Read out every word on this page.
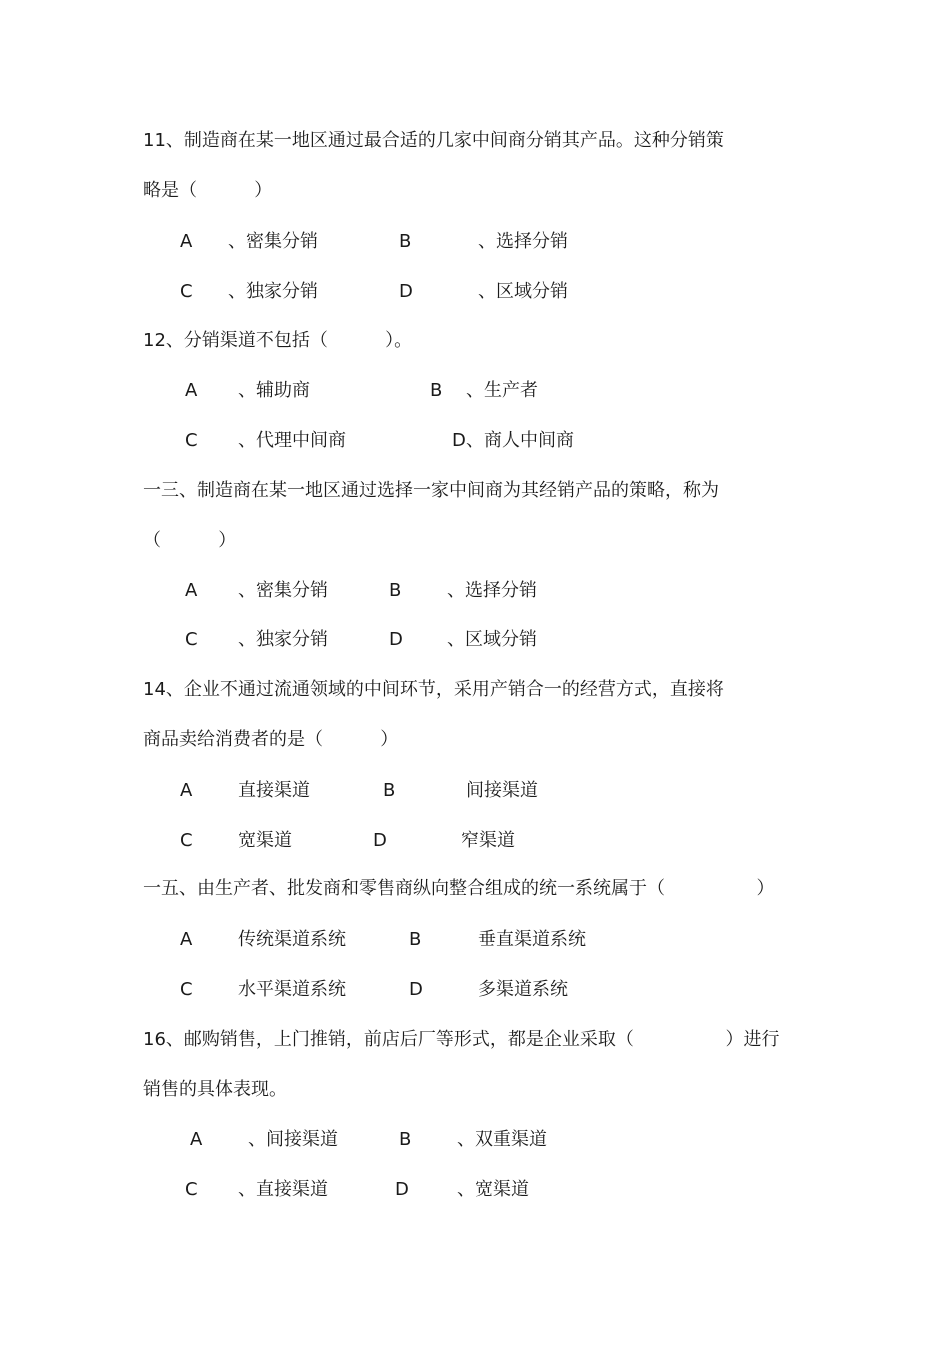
11、制造商在某一地区通过最合适的几家中间商分销其产品。这种分销策
略是（          ）
A 、密集分销	B	、选择分销
C 、独家分销	D	、区域分销
12、分销渠道不包括（          ）。
A 、辅助商	B 、生产者
C 、代理中间商	D 、商人中间商
一三、制造商在某一地区通过选择一家中间商为其经销产品的策略，称为
（          ）
A 、密集分销	B	、选择分销
C 、独家分销	D 、区域分销
14、企业不通过流通领域的中间环节，采用产销合一的经营方式，直接将
商品卖给消费者的是（          ）
A	直接渠道	B	间接渠道
C	宽渠道	D	窄渠道
一五、由生产者、批发商和零售商纵向整合组成的统一系统属于（                ）
A	传统渠道系统	B	垂直渠道系统
C	水平渠道系统	D	多渠道系统
16、邮购销售，上门推销，前店后厂等形式，都是企业采取（                ）进行
销售的具体表现。
A	、间接渠道	B	、双重渠道
C 、直接渠道	D	、宽渠道
